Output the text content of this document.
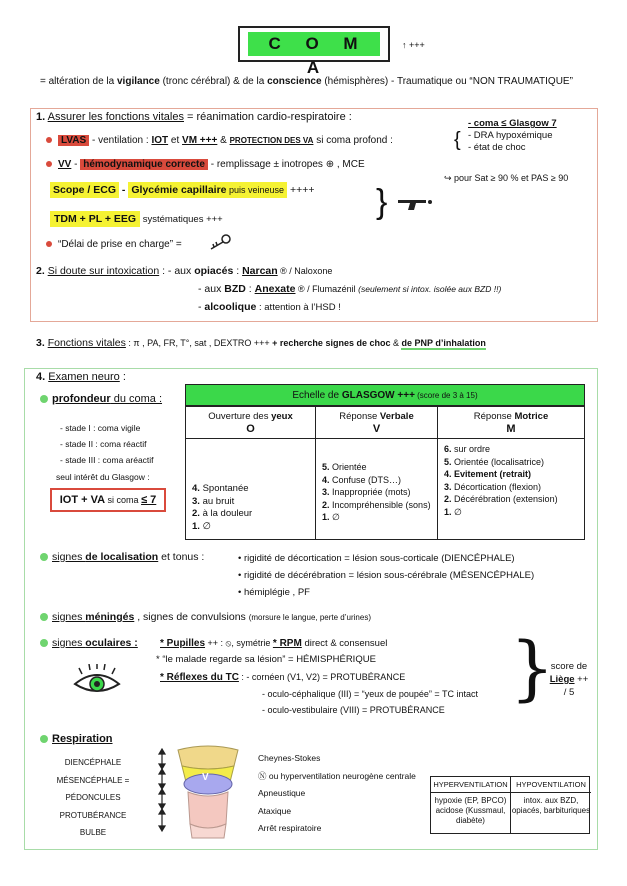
C O M A
↑ +++
= altération de la vigilance (tronc cérébral) & de la conscience (hémisphères) - Traumatique ou “NON TRAUMATIQUE”
1. Assurer les fonctions vitales = réanimation cardio-respiratoire :
LVAS - ventilation : IOT et VM +++ & PROTECTION DES VA si coma profond :	{
- coma ≤ Glasgow 7
- DRA hypoxémique
- état de choc
VV - hémodynamique correcte - remplissage ± inotropes ⊕ , MCE
Scope / ECG - Glycémie capillaire puis veineuse ++++
↪ pour Sat ≥ 90 % et PAS ≥ 90
}
TDM + PL + EEG systématiques +++
“Délai de prise en charge” =
2. Si doute sur intoxication : - aux opiacés : Narcan ® / Naloxone
- aux BZD : Anexate ® / Flumazénil (seulement si intox. isolée aux BZD !!)
- alcoolique : attention à l’HSD !
3. Fonctions vitales : π , PA, FR, T°, sat , DEXTRO +++ + recherche signes de choc & de PNP d’inhalation
4. Examen neuro :
profondeur du coma :
- stade I : coma vigile
- stade II : coma réactif
- stade III : coma aréactif
seul intérêt du Glasgow :
IOT + VA si coma ≤ 7
Echelle de GLASGOW +++ (score de 3 à 15)
Ouverture des yeux
O
4. Spontanée
3. au bruit
2. à la douleur
1. ∅
Réponse Verbale
V
5. Orientée
4. Confuse (DTS…)
3. Inappropriée (mots)
2. Incompréhensible (sons)
1. ∅
Réponse Motrice
M
6. sur ordre
5. Orientée (localisatrice)
4. Evitement (retrait)
3. Décortication (flexion)
2. Décérébration (extension)
1. ∅
signes de localisation et tonus :	• rigidité de décortication = lésion sous-corticale (DIENCÉPHALE)
• rigidité de décérébration = lésion sous-cérébrale (MÉSENCÉPHALE)
• hémiplégie , PF
signes méningés , signes de convulsions (morsure le langue, perte d’urines)
signes oculaires : * Pupilles ++ : ⦸, symétrie * RPM direct & consensuel
* “le malade regarde sa lésion” = HÉMISPHÉRIQUE
* Réflexes du TC : - cornéen (V1, V2) = PROTUBÉRANCE
- oculo-céphalique (III) = “yeux de poupée” = TC intact
- oculo-vestibulaire (VIII) = PROTUBÉRANCE
}
score de
Liège ++
/ 5
Respiration
DIENCÉPHALE
MÉSENCÉPHALE = PÉDONCULES
PROTUBÉRANCE
BULBE
V
Cheynes-Stokes
Ⓝ ou hyperventilation neurogène centrale
Apneustique
Ataxique
Arrêt respiratoire
HYPERVENTILATION
hypoxie (EP, BPCO) acidose (Kussmaul, diabète)
HYPOVENTILATION
intox. aux BZD, opiacés, barbituriques
